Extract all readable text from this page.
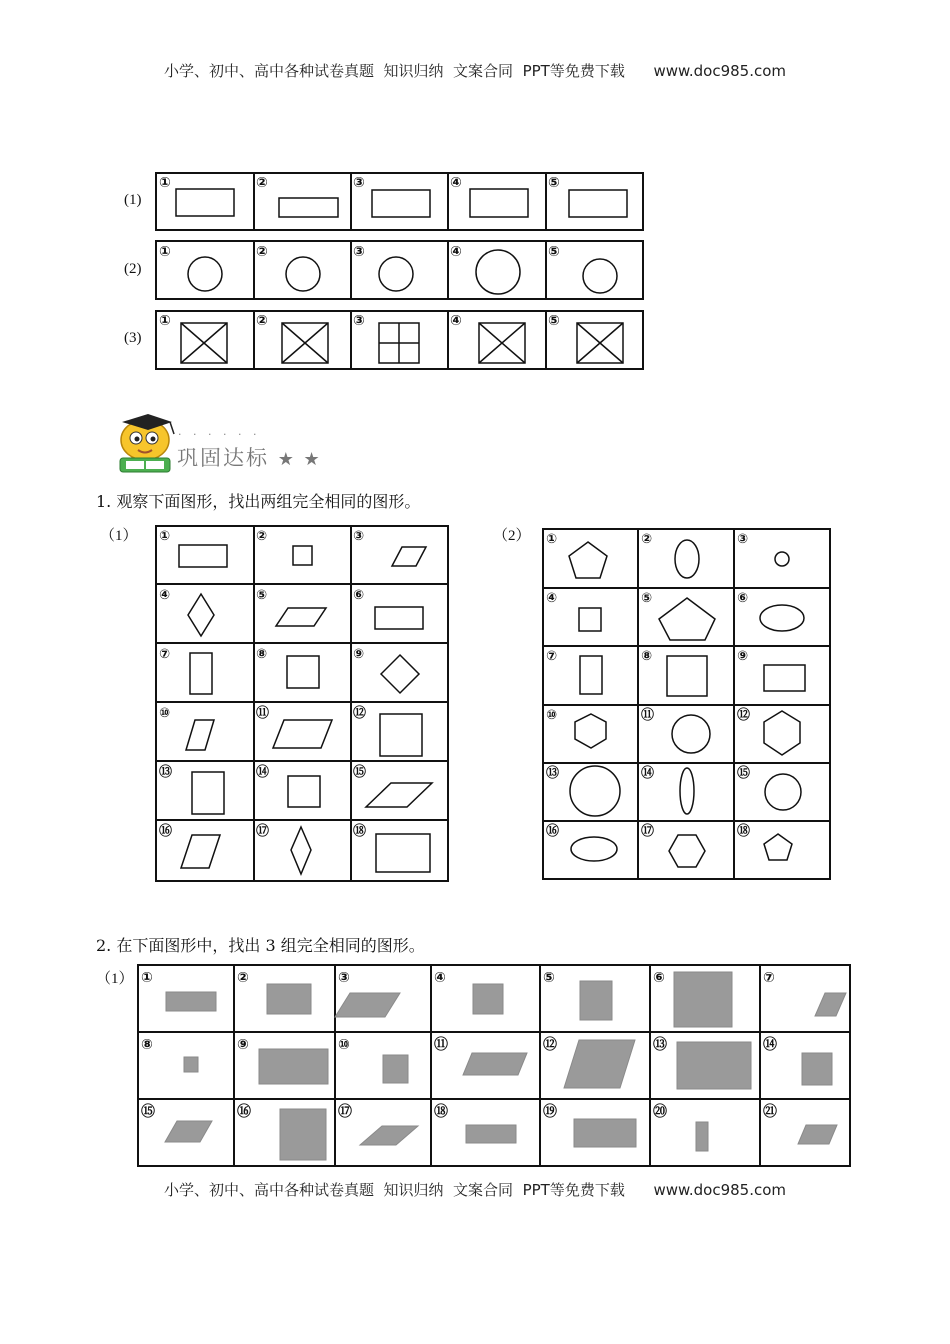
小学、初中、高中各种试卷真题  知识归纳  文案合同  PPT等免费下载 www.doc985.com
(1)
(2)
(3)
①	②	③	④	⑤
①	②	③	④	⑤
①	②	③	④	⑤
· · · · · ·
巩固达标 ★ ★
1. 观察下面图形，找出两组完全相同的图形。
（1）	（2）
①	②	③
④	⑤	⑥
⑦	⑧	⑨
⑩	⑪	⑫
⑬	⑭	⑮
⑯	⑰	⑱
①	②	③
④	⑤	⑥
⑦	⑧	⑨
⑩	⑪	⑫
⑬	⑭	⑮
⑯	⑰	⑱
2. 在下面图形中，找出 3 组完全相同的图形。
（1） ①	②	③	④	⑤	⑥	⑦
⑧	⑨	⑩	⑪	⑫	⑬	⑭
⑮	⑯	⑰	⑱	⑲	⑳	㉑
小学、初中、高中各种试卷真题  知识归纳  文案合同  PPT等免费下载 www.doc985.com
